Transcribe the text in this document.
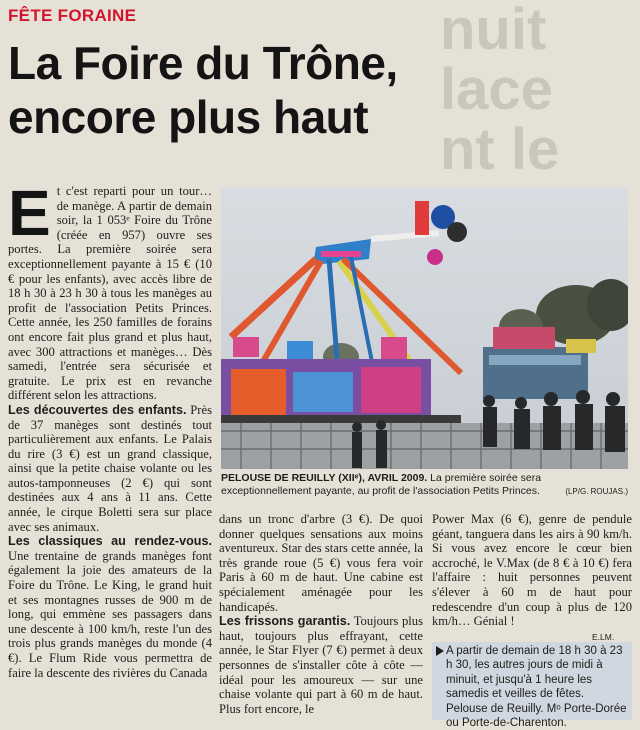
nuit
lace
nt le
FÊTE FORAINE
La Foire du Trône,
encore plus haut

Et c'est reparti pour un tour… de manège. A partir de demain soir, la 1 053ᵉ Foire du Trône (créée en 957) ouvre ses portes. La première soirée sera exceptionnellement payante à 15 € (10 € pour les enfants), avec accès libre de 18 h 30 à 23 h 30 à tous les manèges au profit de l'association Petits Princes. Cette année, les 250 familles de forains ont encore fait plus grand et plus haut, avec 300 attractions et manèges… Dès samedi, l'entrée sera sécurisée et gratuite. Le prix est en revanche différent selon les attractions.

Les découvertes des enfants. Près de 37 manèges sont destinés tout particulièrement aux enfants. Le Palais du rire (3 €) est un grand classique, ainsi que la petite chaise volante ou les autos-tamponneuses (2 €) qui sont destinées aux 4 ans à 11 ans. Cette année, le cirque Boletti sera sur place avec ses animaux.

Les classiques au rendez-vous. Une trentaine de grands manèges font également la joie des amateurs de la Foire du Trône. Le King, le grand huit et ses montagnes russes de 900 m de long, qui emmène ses passagers dans une descente à 100 km/h, reste l'un des trois plus grands manèges du monde (4 €). Le Flum Ride vous permettra de faire la descente des rivières du Canada

PELOUSE DE REUILLY (XIIᵉ), AVRIL 2009. La première soirée sera exceptionnellement payante, au profit de l'association Petits Princes.	(LP/G. ROUJAS.)

dans un tronc d'arbre (3 €). De quoi donner quelques sensations aux moins aventureux. Star des stars cette année, la très grande roue (5 €) vous fera voir Paris à 60 m de haut. Une cabine est spécialement aménagée pour les handicapés.

Les frissons garantis. Toujours plus haut, toujours plus effrayant, cette année, le Star Flyer (7 €) permet à deux personnes de s'installer côte à côte — idéal pour les amoureux — sur une chaise volante qui part à 60 m de haut. Plus fort encore, le

Power Max (6 €), genre de pendule géant, tanguera dans les airs à 90 km/h. Si vous avez encore le cœur bien accroché, le V.Max (de 8 € à 10 €) fera l'affaire : huit personnes peuvent s'élever à 60 m de haut pour redescendre d'un coup à plus de 120 km/h… Génial !

E.LM.
A partir de demain de 18 h 30 à 23 h 30, les autres jours de midi à minuit, et jusqu'à 1 heure les samedis et veilles de fêtes. Pelouse de Reuilly. Mᵒ Porte-Dorée ou Porte-de-Charenton.
